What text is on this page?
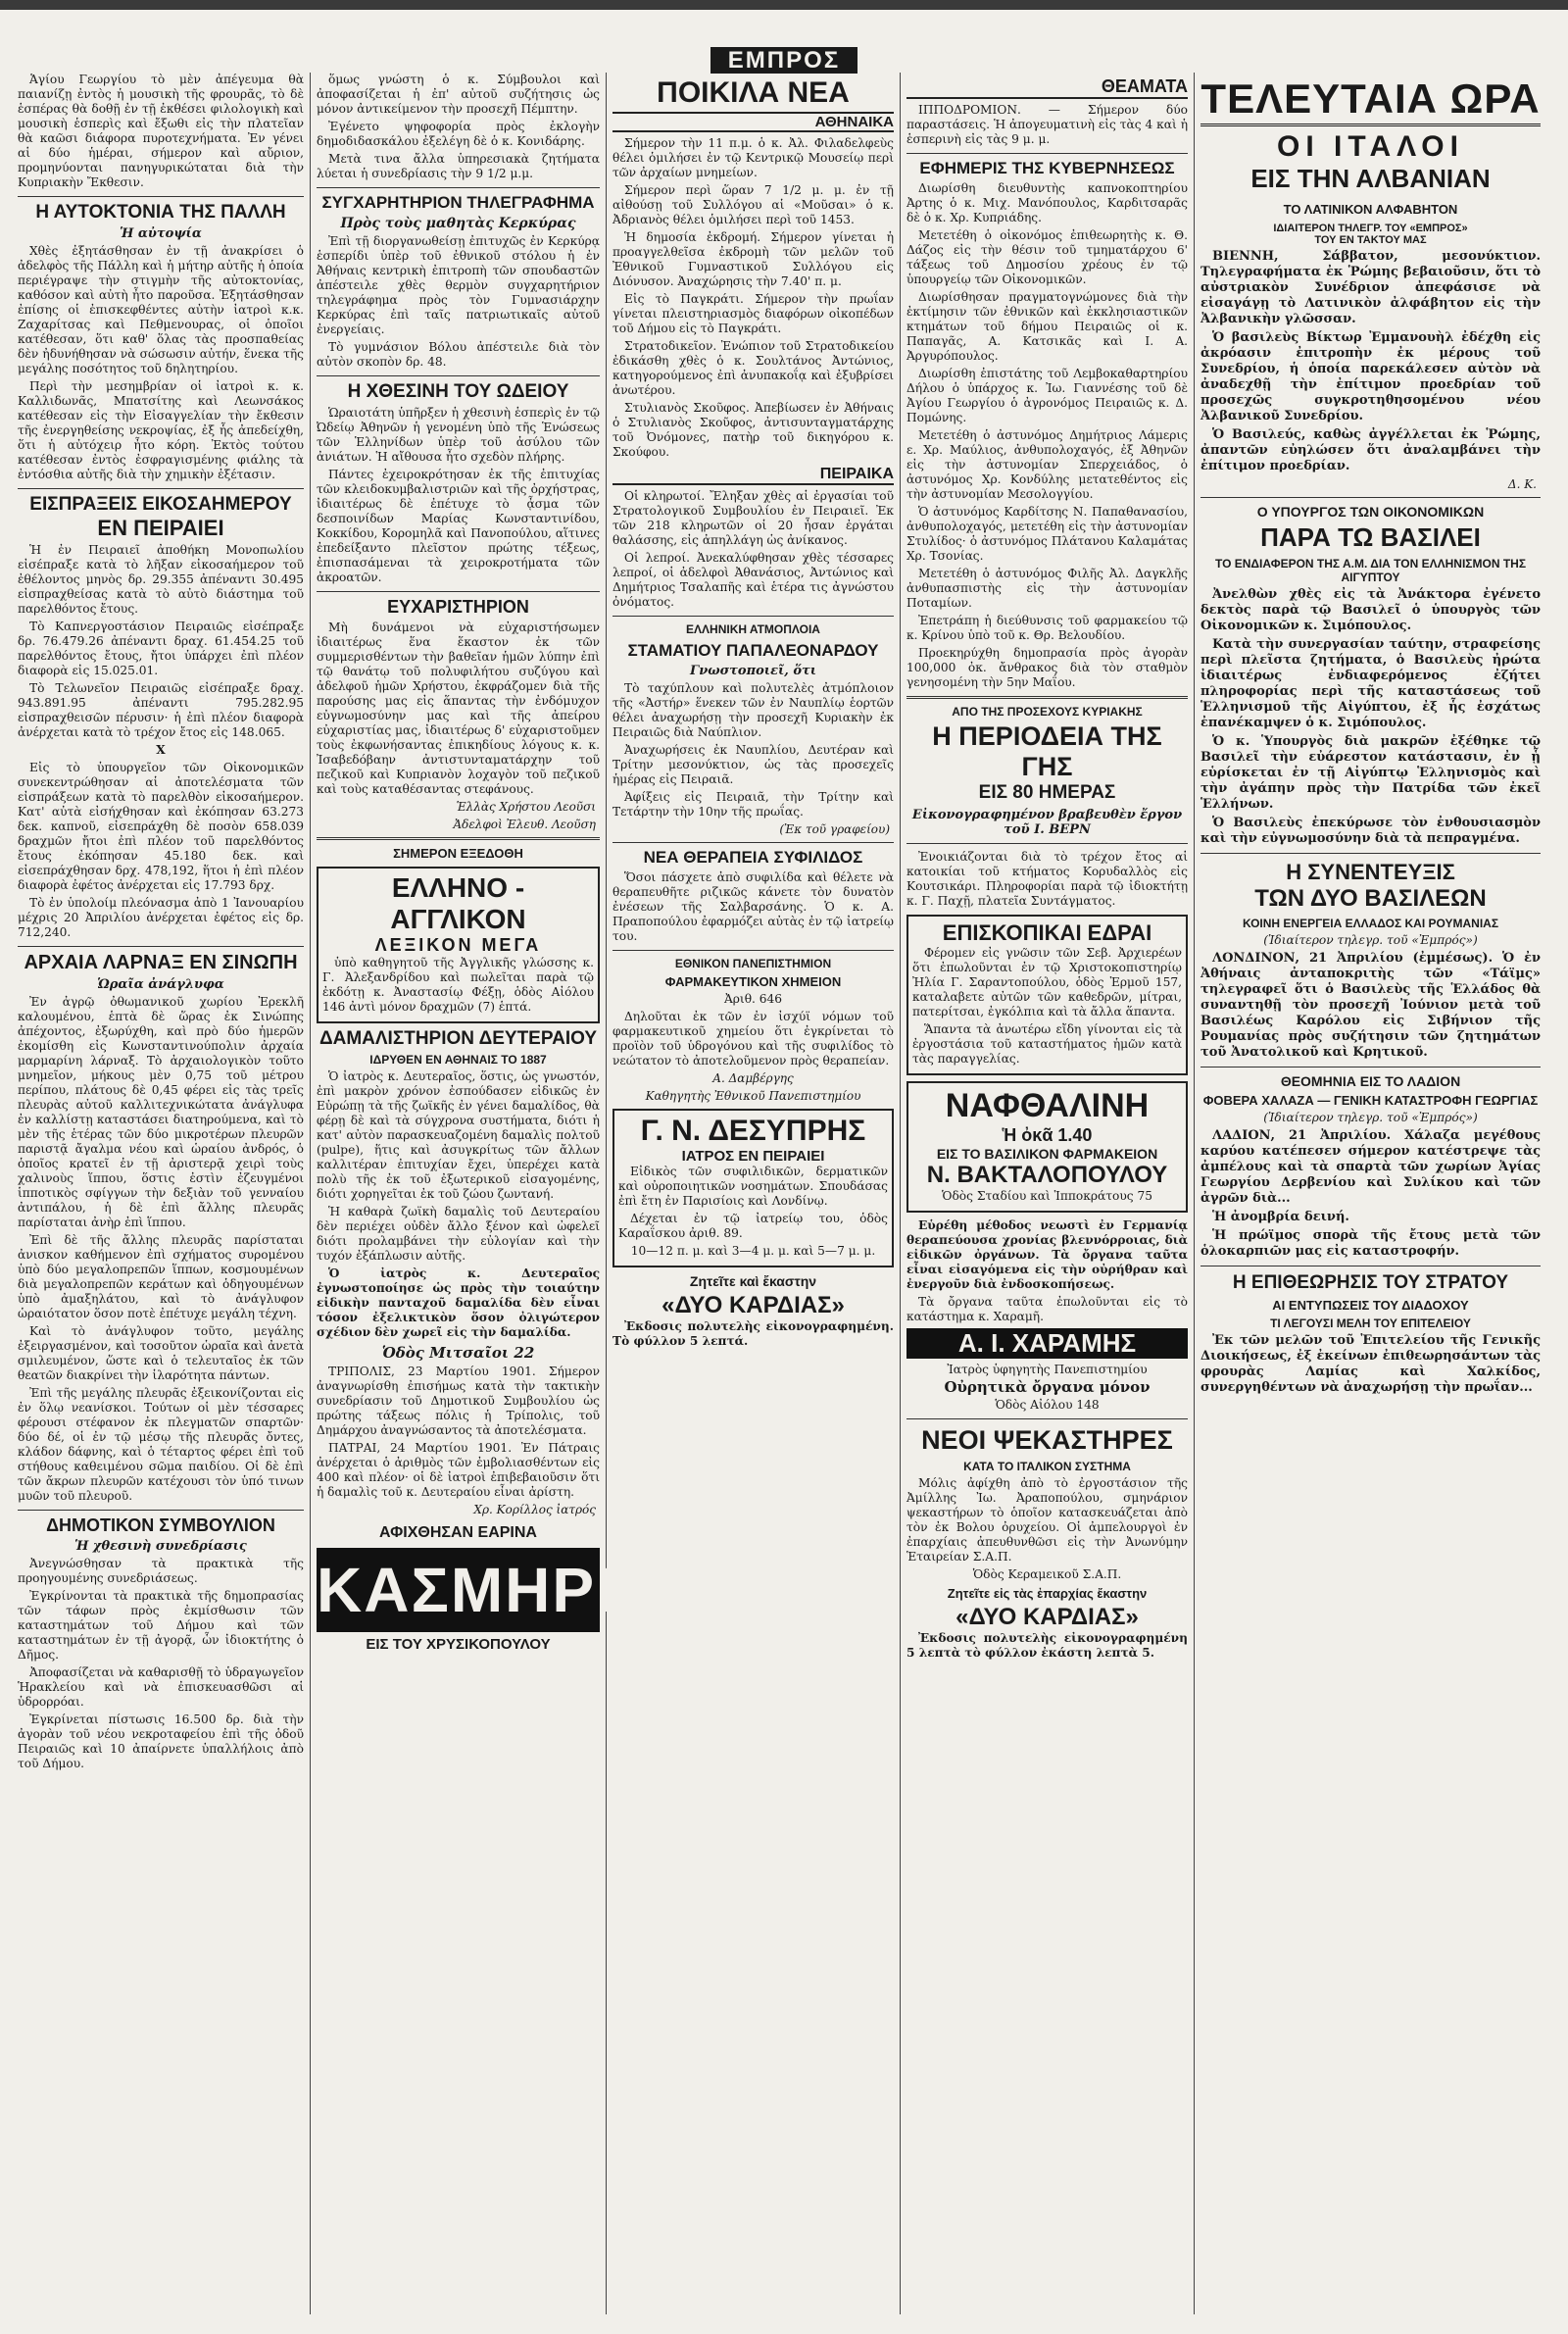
ΕΜΠΡΟΣ

Ἁγίου Γεωργίου τὸ μὲν ἀπέγευμα θὰ παιανίζῃ ἐντὸς ἡ μουσικὴ τῆς φρουρᾶς, τὸ δὲ ἑσπέρας θὰ δοθῇ ἐν τῇ ἐκθέσει φιλολογικὴ καὶ μουσικὴ ἑσπερὶς καὶ ἔξωθι εἰς τὴν πλατεῖαν θὰ καῶσι διάφορα πυροτεχνήματα. Ἐν γένει αἱ δύο ἡμέραι, σήμερον καὶ αὔριον, προμηνύονται πανηγυρικώταται διὰ τὴν Κυπριακὴν Ἔκθεσιν.

Η ΑΥΤΟΚΤΟΝΙΑ ΤΗΣ ΠΑΛΛΗ
Ἡ αὐτοψία

Χθὲς ἐξητάσθησαν ἐν τῇ ἀνακρίσει ὁ ἀδελφὸς τῆς Πάλλη καὶ ἡ μήτηρ αὐτῆς ἡ ὁποία περιέγραψε τὴν στιγμὴν τῆς αὐτοκτονίας, καθόσον καὶ αὐτὴ ἦτο παροῦσα. Ἐξητάσθησαν ἐπίσης οἱ ἐπισκεφθέντες αὐτὴν ἰατροὶ κ.κ. Ζαχαρίτσας καὶ Πεθμενουρας, οἱ ὁποῖοι κατέθεσαν, ὅτι καθ' ὅλας τὰς προσπαθείας δὲν ἠδυνήθησαν νὰ σώσωσιν αὐτήν, ἕνεκα τῆς μεγάλης ποσότητος τοῦ δηλητηρίου.

Περὶ τὴν μεσημβρίαν οἱ ἰατροὶ κ. κ. Καλλιδωνᾶς, Μπατσίτης καὶ Λεωνσάκος κατέθεσαν εἰς τὴν Εἰσαγγελίαν τὴν ἔκθεσιν τῆς ἐνεργηθείσης νεκροψίας, ἐξ ἧς ἀπεδείχθη, ὅτι ἡ αὐτόχειρ ἦτο κόρη. Ἐκτὸς τούτου κατέθεσαν ἐντὸς ἐσφραγισμένης φιάλης τὰ ἐντόσθια αὐτῆς διὰ τὴν χημικὴν ἐξέτασιν.

ΕΙΣΠΡΑΞΕΙΣ ΕΙΚΟΣΑΗΜΕΡΟΥ
ΕΝ ΠΕΙΡΑΙΕΙ

Ἡ ἐν Πειραιεῖ ἀποθήκη Μονοπωλίου εἰσέπραξε κατὰ τὸ λῆξαν εἰκοσαήμερον τοῦ ἐθέλοντος μηνὸς δρ. 29.355 ἀπέναντι 30.495 εἰσπραχθείσας κατὰ τὸ αὐτὸ διάστημα τοῦ παρελθόντος ἔτους.

Τὸ Καπνεργοστάσιον Πειραιῶς εἰσέπραξε δρ. 76.479.26 ἀπέναντι δραχ. 61.454.25 τοῦ παρελθόντος ἔτους, ἤτοι ὑπάρχει ἐπὶ πλέον διαφορὰ εἰς 15.025.01.

Τὸ Τελωνεῖον Πειραιῶς εἰσέπραξε δραχ. 943.891.95 ἀπέναντι 795.282.95 εἰσπραχθεισῶν πέρυσιν· ἡ ἐπὶ πλέον διαφορὰ ἀνέρχεται κατὰ τὸ τρέχον ἔτος εἰς 148.065.

Χ

Εἰς τὸ ὑπουργεῖον τῶν Οἰκονομικῶν συνεκεντρώθησαν αἱ ἀποτελέσματα τῶν εἰσπράξεων κατὰ τὸ παρελθὸν εἰκοσαήμερον. Κατ' αὐτὰ εἰσήχθησαν καὶ ἐκόπησαν 63.273 δεκ. καπνοῦ, εἰσεπράχθη δὲ ποσὸν 658.039 δραχμῶν ἤτοι ἐπὶ πλέον τοῦ παρελθόντος ἔτους ἐκόπησαν 45.180 δεκ. καὶ εἰσεπράχθησαν δρχ. 478,192, ἥτοι ἡ ἐπὶ πλέον διαφορὰ ἐφέτος ἀνέρχεται εἰς 17.793 δρχ.

Τὸ ἐν ὑπολοίμ πλεόνασμα ἀπὸ 1 Ἰανουαρίου μέχρις 20 Ἀπριλίου ἀνέρχεται ἐφέτος εἰς δρ. 712,240.

ΑΡΧΑΙΑ ΛΑΡΝΑΞ ΕΝ ΣΙΝΩΠΗ
Ὡραῖα ἀνάγλυφα

Ἐν ἀγρῷ ὀθωμανικοῦ χωρίου Ἐρεκλῆ καλουμένου, ἑπτὰ δὲ ὥρας ἐκ Σινώπης ἀπέχοντος, ἐξωρύχθη, καὶ πρὸ δύο ἡμερῶν ἐκομίσθη εἰς Κωνσταντινούπολιν ἀρχαία μαρμαρίνη λάρναξ. Τὸ ἀρχαιολογικὸν τοῦτο μνημεῖον, μήκους μὲν 0,75 τοῦ μέτρου περίπου, πλάτους δὲ 0,45 φέρει εἰς τὰς τρεῖς πλευρὰς αὐτοῦ καλλιτεχνικώτατα ἀνάγλυφα ἐν καλλίστῃ καταστάσει διατηρούμενα, καὶ τὸ μὲν τῆς ἑτέρας τῶν δύο μικροτέρων πλευρῶν παριστᾷ ἄγαλμα νέου καὶ ὡραίου ἀνδρός, ὁ ὁποῖος κρατεῖ ἐν τῇ ἀριστερᾷ χειρὶ τοὺς χαλινοὺς ἵππου, ὅστις ἐστὶν ἐζευγμένοι ἱπποτικὸς σφίγγων τὴν δεξιὰν τοῦ γενναίου ἀντιπάλου, ἡ δὲ ἐπὶ ἄλλης πλευρᾶς παρίσταται ἀνὴρ ἐπὶ ἵππου.

Ἐπὶ δὲ τῆς ἄλλης πλευρᾶς παρίσταται ἀνισκον καθήμενον ἐπὶ σχήματος συρομένου ὑπὸ δύο μεγαλοπρεπῶν ἵππων, κοσμουμένων διὰ μεγαλοπρεπῶν κεράτων καὶ ὁδηγουμένων ὑπὸ ἀμαξηλάτου, καὶ τὸ ἀνάγλυφον ὡραιότατον ὅσον ποτὲ ἐπέτυχε μεγάλη τέχνη.

Καὶ τὸ ἀνάγλυφον τοῦτο, μεγάλης ἐξειργασμένον, καὶ τοσοῦτον ὡραῖα καὶ ἀνετὰ σμιλευμένον, ὥστε καὶ ὁ τελευταῖος ἐκ τῶν θεατῶν διακρίνει τὴν ἱλαρότητα πάντων.

Ἐπὶ τῆς μεγάλης πλευρᾶς ἐξεικονίζονται εἰς ἐν ὅλῳ νεανίσκοι. Τούτων οἱ μὲν τέσσαρες φέρουσι στέφανον ἐκ πλεγματῶν σπαρτῶν· δύο δέ, οἱ ἐν τῷ μέσῳ τῆς πλευρᾶς ὄντες, κλάδον δάφνης, καὶ ὁ τέταρτος φέρει ἐπὶ τοῦ στήθους καθειμένου σῶμα παιδίου. Οἱ δὲ ἐπὶ τῶν ἄκρων πλευρῶν κατέχουσι τὸν ὑπό τινων μυῶν τοῦ πλευροῦ.

ΔΗΜΟΤΙΚΟΝ ΣΥΜΒΟΥΛΙΟΝ
Ἡ χθεσινὴ συνεδρίασις

Ἀνεγνώσθησαν τὰ πρακτικὰ τῆς προηγουμένης συνεδριάσεως.

Ἐγκρίνονται τὰ πρακτικὰ τῆς δημοπρασίας τῶν τάφων πρὸς ἐκμίσθωσιν τῶν καταστημάτων τοῦ Δήμου καὶ τῶν καταστημάτων ἐν τῇ ἀγορᾷ, ὧν ἰδιοκτήτης ὁ Δῆμος.

Ἀποφασίζεται νὰ καθαρισθῇ τὸ ὑδραγωγεῖον Ἡρακλείου καὶ νὰ ἐπισκευασθῶσι αἱ ὑδρορρόαι.

Ἐγκρίνεται πίστωσις 16.500 δρ. διὰ τὴν ἀγορὰν τοῦ νέου νεκροταφείου ἐπὶ τῆς ὁδοῦ Πειραιῶς καὶ 10 ἀπαίρνετε ὑπαλλήλοις ἀπὸ τοῦ Δήμου.

ὅμως γνώστη ὁ κ. Σύμβουλοι καὶ ἀποφασίζεται ἡ ἐπ' αὐτοῦ συζήτησις ὡς μόνον ἀντικείμενον τὴν προσεχῆ Πέμπτην.

Ἐγένετο ψηφοφορία πρὸς ἐκλογὴν δημοδιδασκάλου ἐξελέγη δὲ ὁ κ. Κονιδάρης.

Μετὰ τινα ἄλλα ὑπηρεσιακὰ ζητήματα λύεται ἡ συνεδρίασις τὴν 9 1/2 μ.μ.

ΣΥΓΧΑΡΗΤΗΡΙΟΝ ΤΗΛΕΓΡΑΦΗΜΑ
Πρὸς τοὺς μαθητὰς Κερκύρας

Ἐπὶ τῇ διοργανωθείσῃ ἐπιτυχῶς ἐν Κερκύρᾳ ἑσπερίδι ὑπὲρ τοῦ ἐθνικοῦ στόλου ἡ ἐν Ἀθήναις κεντρικὴ ἐπιτροπὴ τῶν σπουδαστῶν ἀπέστειλε χθὲς θερμὸν συγχαρητήριον τηλεγράφημα πρὸς τὸν Γυμνασιάρχην Κερκύρας ἐπὶ ταῖς πατριωτικαῖς αὐτοῦ ἐνεργείαις.

Τὸ γυμνάσιον Βόλου ἀπέστειλε διὰ τὸν αὐτὸν σκοπὸν δρ. 48.

Η ΧΘΕΣΙΝΗ ΤΟΥ ΩΔΕΙΟΥ

Ὡραιοτάτη ὑπῆρξεν ἡ χθεσινὴ ἑσπερὶς ἐν τῷ Ὠδείῳ Ἀθηνῶν ἡ γενομένη ὑπὸ τῆς Ἑνώσεως τῶν Ἑλληνίδων ὑπὲρ τοῦ ἀσύλου τῶν ἀνιάτων. Ἡ αἴθουσα ἦτο σχεδὸν πλήρης.

Πάντες ἐχειροκρότησαν ἐκ τῆς ἐπιτυχίας τῶν κλειδοκυμβαλιστριῶν καὶ τῆς ὀρχήστρας, ἰδιαιτέρως δὲ ἐπέτυχε τὸ ᾆσμα τῶν δεσποινίδων Μαρίας Κωνσταντινίδου, Κοκκίδου, Κορομηλᾶ καὶ Πανοπούλου, αἵτινες ἐπεδείξαντο πλεῖστον πρώτης τέξεως, ἐπισπασάμεναι τὰ χειροκροτήματα τῶν ἀκροατῶν.

ΕΥΧΑΡΙΣΤΗΡΙΟΝ

Μὴ δυνάμενοι νὰ εὐχαριστήσωμεν ἰδιαιτέρως ἕνα ἕκαστον ἐκ τῶν συμμερισθέντων τὴν βαθεῖαν ἡμῶν λύπην ἐπὶ τῷ θανάτῳ τοῦ πολυφιλήτου συζύγου καὶ ἀδελφοῦ ἡμῶν Χρήστου, ἐκφράζομεν διὰ τῆς παρούσης μας εἰς ἅπαντας τὴν ἐνδόμυχον εὐγνωμοσύνην μας καὶ τῆς ἀπείρου εὐχαριστίας μας, ἰδιαιτέρως δ' εὐχαριστοῦμεν τοὺς ἐκφωνήσαντας ἐπικηδίους λόγους κ. κ. Ἰσαβεδόβαην ἀντιστυνταματάρχην τοῦ πεζικοῦ καὶ Κυπριανὸν λοχαγὸν τοῦ πεζικοῦ καὶ τοὺς καταθέσαντας στεφάνους.

Ἑλλὰς Χρήστου Λεοῦσι
Ἀδελφοὶ Ἐλευθ. Λεοῦση
ΣΗΜΕΡΟΝ ΕΞΕΔΟΘΗ
ΕΛΛΗΝΟ - ΑΓΓΛΙΚΟΝ
ΛΕΞΙΚΟΝ ΜΕΓΑ

ὑπὸ καθηγητοῦ τῆς Ἀγγλικῆς γλώσσης κ. Γ. Ἀλεξανδρίδου καὶ πωλεῖται παρὰ τῷ ἐκδότῃ κ. Ἀναστασίῳ Φέξῃ, ὁδὸς Αἰόλου 146 ἀντὶ μόνον δραχμῶν (7) ἑπτά.

ΔΑΜΑΛΙΣΤΗΡΙΟΝ ΔΕΥΤΕΡΑΙΟΥ
ΙΔΡΥΘΕΝ ΕΝ ΑΘΗΝΑΙΣ ΤΟ 1887

Ὁ ἰατρὸς κ. Δευτεραῖος, ὅστις, ὡς γνωστόν, ἐπὶ μακρὸν χρόνον ἐσπούδασεν εἰδικῶς ἐν Εὐρώπῃ τὰ τῆς ζωϊκῆς ἐν γένει δαμαλίδος, θὰ φέρῃ δὲ καὶ τὰ σύγχρονα συστήματα, διότι ἡ κατ' αὐτὸν παρασκευαζομένη δαμαλὶς πολτοῦ (pulpe), ἥτις καὶ ἀσυγκρίτως τῶν ἄλλων καλλιτέραν ἐπιτυχίαν ἔχει, ὑπερέχει κατὰ πολὺ τῆς ἐκ τοῦ ἐξωτερικοῦ εἰσαγομένης, διότι χορηγεῖται ἐκ τοῦ ζώου ζωντανή.

Ἡ καθαρὰ ζωϊκὴ δαμαλὶς τοῦ Δευτεραίου δὲν περιέχει οὐδὲν ἄλλο ξένον καὶ ὠφελεῖ διότι προλαμβάνει τὴν εὐλογίαν καὶ τὴν τυχόν ἐξάπλωσιν αὐτῆς.

Ὁ ἰατρὸς κ. Δευτεραῖος ἐγνωστοποίησε ὡς πρὸς τὴν τοιαύτην εἰδικὴν πανταχοῦ δαμαλίδα δὲν εἶναι τόσον ἐξελικτικὸν ὅσον ὀλιγώτερον σχέδιον δὲν χωρεῖ εἰς τὴν δαμαλίδα.

Ὁδὸς Μιτσαῖοι 22

ΤΡΙΠΟΛΙΣ, 23 Μαρτίου 1901. Σήμερον ἀναγνωρίσθη ἐπισήμως κατὰ τὴν τακτικὴν συνεδρίασιν τοῦ Δημοτικοῦ Συμβουλίου ὡς πρώτης τάξεως πόλις ἡ Τρίπολις, τοῦ Δημάρχου ἀναγνώσαντος τὰ ἀποτελέσματα.

ΠΑΤΡΑΙ, 24 Μαρτίου 1901. Ἐν Πάτραις ἀνέρχεται ὁ ἀριθμὸς τῶν ἐμβολιασθέντων εἰς 400 καὶ πλέον· οἱ δὲ ἰατροὶ ἐπιβεβαιοῦσιν ὅτι ἡ δαμαλὶς τοῦ κ. Δευτεραίου εἶναι ἀρίστη.

Χρ. Κορίλλος ἰατρός
ΑΦΙΧΘΗΣΑΝ ΕΑΡΙΝΑ
ΚΑΣΜΗΡΙΑ
ΕΙΣ ΤΟΥ ΧΡΥΣΙΚΟΠΟΥΛΟΥ
ΠΟΙΚΙΛΑ ΝΕΑ
ΑΘΗΝΑΙΚΑ

Σήμερον τὴν 11 π.μ. ὁ κ. Ἀλ. Φιλαδελφεὺς θέλει ὁμιλήσει ἐν τῷ Κεντρικῷ Μουσείῳ περὶ τῶν ἀρχαίων μνημείων.

Σήμερον περὶ ὥραν 7 1/2 μ. μ. ἐν τῇ αἰθούσῃ τοῦ Συλλόγου αἱ «Μοῦσαι» ὁ κ. Ἀδριανὸς θέλει ὁμιλήσει περὶ τοῦ 1453.

Ἡ δημοσία ἐκδρομή. Σήμερον γίνεται ἡ προαγγελθεῖσα ἐκδρομὴ τῶν μελῶν τοῦ Ἐθνικοῦ Γυμναστικοῦ Συλλόγου εἰς Διόνυσον. Ἀναχώρησις τὴν 7.40' π. μ.

Εἰς τὸ Παγκράτι. Σήμερον τὴν πρωΐαν γίνεται πλειστηριασμὸς διαφόρων οἰκοπέδων τοῦ Δήμου εἰς τὸ Παγκράτι.

Στρατοδικεῖον. Ἐνώπιον τοῦ Στρατοδικείου ἐδικάσθη χθὲς ὁ κ. Σουλτάνος Ἀντώνιος, κατηγορούμενος ἐπὶ ἀνυπακοΐᾳ καὶ ἐξυβρίσει ἀνωτέρου.

Στυλιανὸς Σκοῦφος. Ἀπεβίωσεν ἐν Ἀθήναις ὁ Στυλιανὸς Σκοῦφος, ἀντισυνταγματάρχης τοῦ Ὀνόμονες, πατὴρ τοῦ δικηγόρου κ. Σκούφου.

ΠΕΙΡΑΙΚΑ

Οἱ κληρωτοί. Ἔληξαν χθὲς αἱ ἐργασίαι τοῦ Στρατολογικοῦ Συμβουλίου ἐν Πειραιεῖ. Ἐκ τῶν 218 κληρωτῶν οἱ 20 ἦσαν ἐργάται θαλάσσης, εἰς ἀπηλλάγη ὡς ἀνίκανος.

Οἱ λεπροί. Ἀνεκαλύφθησαν χθὲς τέσσαρες λεπροί, οἱ ἀδελφοὶ Ἀθανάσιος, Ἀντώνιος καὶ Δημήτριος Τσαλαπῆς καὶ ἑτέρα τις ἀγνώστου ὀνόματος.

ΕΛΛΗΝΙΚΗ ΑΤΜΟΠΛΟΙΑ
ΣΤΑΜΑΤΙΟΥ ΠΑΠΑΛΕΟΝΑΡΔΟΥ
Γνωστοποιεῖ, ὅτι

Τὸ ταχύπλουν καὶ πολυτελὲς ἀτμόπλοιον τῆς «Ἀστήρ» ἕνεκεν τῶν ἐν Ναυπλίῳ ἑορτῶν θέλει ἀναχωρήσῃ τὴν προσεχῆ Κυριακὴν ἐκ Πειραιῶς διὰ Ναύπλιον.

Ἀναχωρήσεις ἐκ Ναυπλίου, Δευτέραν καὶ Τρίτην μεσονύκτιον, ὡς τὰς προσεχεῖς ἡμέρας εἰς Πειραιᾶ.

Ἀφίξεις εἰς Πειραιᾶ, τὴν Τρίτην καὶ Τετάρτην τὴν 10ην τῆς πρωΐας.

(Ἐκ τοῦ γραφείου)
ΝΕΑ ΘΕΡΑΠΕΙΑ ΣΥΦΙΛΙΔΟΣ

Ὅσοι πάσχετε ἀπὸ συφιλίδα καὶ θέλετε νὰ θεραπευθῆτε ριζικῶς κάνετε τὸν δυνατὸν ἐνέσεων τῆς Σαλβαρσάνης. Ὁ κ. Α. Πραποπούλου ἐφαρμόζει αὐτὰς ἐν τῷ ἰατρείῳ του.

ΕΘΝΙΚΟΝ ΠΑΝΕΠΙΣΤΗΜΙΟΝ
ΦΑΡΜΑΚΕΥΤΙΚΟΝ ΧΗΜΕΙΟΝ

Ἀριθ. 646

Δηλοῦται ἐκ τῶν ἐν ἰσχύϊ νόμων τοῦ φαρμακευτικοῦ χημείου ὅτι ἐγκρίνεται τὸ προϊὸν τοῦ ὑδρογόνου καὶ τῆς συφιλίδος τὸ νεώτατον τὸ ἀποτελοῦμενον πρὸς θεραπείαν.

Α. Δαμβέργης
Καθηγητὴς Ἐθνικοῦ Πανεπιστημίου
Γ. Ν. ΔΕΣΥΠΡΗΣ
ΙΑΤΡΟΣ ΕΝ ΠΕΙΡΑΙΕΙ

Εἰδικὸς τῶν συφιλιδικῶν, δερματικῶν καὶ οὐροποιητικῶν νοσημάτων. Σπουδάσας ἐπὶ ἔτη ἐν Παρισίοις καὶ Λονδίνῳ.

Δέχεται ἐν τῷ ἰατρείῳ του, ὁδὸς Καραΐσκου ἀριθ. 89.

10—12 π. μ. καὶ 3—4 μ. μ. καὶ 5—7 μ. μ.

Ζητεῖτε καὶ ἔκαστην
«ΔΥΟ ΚΑΡΔΙΑΣ»

Ἐκδοσις πολυτελὴς εἰκονογραφημένη. Τὸ φύλλον 5 λεπτά.

ΘΕΑΜΑΤΑ

ΙΠΠΟΔΡΟΜΙΟΝ. — Σήμερον δύο παραστάσεις. Ἡ ἀπογευματινὴ εἰς τὰς 4 καὶ ἡ ἑσπερινὴ εἰς τὰς 9 μ. μ.

ΕΦΗΜΕΡΙΣ ΤΗΣ ΚΥΒΕΡΝΗΣΕΩΣ

Διωρίσθη διευθυντὴς καπνοκοπτηρίου Ἀρτης ὁ κ. Μιχ. Μανόπουλος, Καρδιτσαρᾶς δὲ ὁ κ. Χρ. Κυπριάδης.

Μετετέθη ὁ οἰκονόμος ἐπιθεωρητὴς κ. Θ. Δάζος εἰς τὴν θέσιν τοῦ τμηματάρχου 6' τάξεως τοῦ Δημοσίου χρέους ἐν τῷ ὑπουργείῳ τῶν Οἰκονομικῶν.

Διωρίσθησαν πραγματογνώμονες διὰ τὴν ἐκτίμησιν τῶν ἐθνικῶν καὶ ἐκκλησιαστικῶν κτημάτων τοῦ δήμου Πειραιῶς οἱ κ. Παπαγᾶς, Α. Κατσικᾶς καὶ Ι. Α. Ἀργυρόπουλος.

Διωρίσθη ἐπιστάτης τοῦ Λεμβοκαθαρτηρίου Δήλου ὁ ὑπάρχος κ. Ἰω. Γιαννέσης τοῦ δὲ Ἀγίου Γεωργίου ὁ ἀγρονόμος Πειραιῶς κ. Δ. Πομώνης.

Μετετέθη ὁ ἀστυνόμος Δημήτριος Λάμερις ε. Χρ. Μαύλιος, ἀνθυπολοχαγός, ἐξ Ἀθηνῶν εἰς τὴν ἀστυνομίαν Σπερχειάδος, ὁ ἀστυνόμος Χρ. Κονδύλης μετατεθέντος εἰς τὴν ἀστυνομίαν Μεσολογγίου.

Ὁ ἀστυνόμος Καρδίτσης Ν. Παπαθανασίου, ἀνθυπολοχαγός, μετετέθη εἰς τὴν ἀστυνομίαν Στυλίδος· ὁ ἀστυνόμος Πλάτανου Καλαμάτας Χρ. Τσονίας.

Μετετέθη ὁ ἀστυνόμος Φιλῆς Ἀλ. Δαγκλῆς ἀνθυπασπιστὴς εἰς τὴν ἀστυνομίαν Ποταμίων.

Ἐπετράπη ἡ διεύθυνσις τοῦ φαρμακείου τῷ κ. Κρίνου ὑπὸ τοῦ κ. Θρ. Βελουδίου.

Προεκηρύχθη δημοπρασία πρὸς ἀγορὰν 100,000 ὀκ. ἄνθρακος διὰ τὸν σταθμὸν γενησομένη τὴν 5ην Μαΐου.

ΑΠΟ ΤΗΣ ΠΡΟΣΕΧΟΥΣ ΚΥΡΙΑΚΗΣ
Η ΠΕΡΙΟΔΕΙΑ ΤΗΣ ΓΗΣ
ΕΙΣ 80 ΗΜΕΡΑΣ
Εἰκονογραφημένον βραβευθὲν ἔργον τοῦ Ι. ΒΕΡΝ

Ἐνοικιάζονται διὰ τὸ τρέχον ἔτος αἱ κατοικίαι τοῦ κτήματος Κορυδαλλὸς εἰς Κουτσικάρι. Πληροφορίαι παρὰ τῷ ἰδιοκτήτῃ κ. Γ. Παχῇ, πλατεῖα Συντάγματος.

ΕΠΙΣΚΟΠΙΚΑΙ ΕΔΡΑΙ

Φέρομεν εἰς γνῶσιν τῶν Σεβ. Ἀρχιερέων ὅτι ἐπωλοῦνται ἐν τῷ Χριστοκοπιστηρίῳ Ἠλία Γ. Σαραντοπούλου, ὁδὸς Ἑρμοῦ 157, καταλαβετε αὐτῶν τῶν καθεδρῶν, μίτραι, πατερίτσαι, ἐγκόλπια καὶ τὰ ἄλλα ἅπαντα.

Ἅπαντα τὰ ἀνωτέρω εἴδη γίνονται εἰς τὰ ἐργοστάσια τοῦ καταστήματος ἡμῶν κατὰ τὰς παραγγελίας.

ΝΑΦΘΑΛΙΝΗ
Ἡ ὀκᾶ 1.40
ΕΙΣ ΤΟ ΒΑΣΙΛΙΚΟΝ ΦΑΡΜΑΚΕΙΟΝ
Ν. ΒΑΚΤΑΛΟΠΟΥΛΟΥ

Ὁδὸς Σταδίου καὶ Ἱπποκράτους 75

Εὑρέθη μέθοδος νεωστὶ ἐν Γερμανίᾳ θεραπεύουσα χρονίας βλεννόρροιας, διὰ εἰδικῶν ὀργάνων. Τὰ ὄργανα ταῦτα εἶναι εἰσαγόμενα εἰς τὴν οὐρήθραν καὶ ἐνεργοῦν διὰ ἐνδοσκοπήσεως.

Τὰ ὄργανα ταῦτα ἐπωλοῦνται εἰς τὸ κατάστημα κ. Χαραμῆ.

Α. Ι. ΧΑΡΑΜΗΣ

Ἰατρὸς ὑφηγητὴς Πανεπιστημίου

Οὐρητικὰ ὄργανα μόνον

Ὁδὸς Αἰόλου 148

ΝΕΟΙ ΨΕΚΑΣΤΗΡΕΣ
ΚΑΤΑ ΤΟ ΙΤΑΛΙΚΟΝ ΣΥΣΤΗΜΑ

Μόλις ἀφίχθη ἀπὸ τὸ ἐργοστάσιον τῆς Ἀμίλλης Ἰω. Ἀραποπούλου, σμηνάριον ψεκαστήρων τὸ ὁποῖον κατασκευάζεται ἀπὸ τὸν ἐκ Βολου ὀρυχείου. Οἱ ἀμπελουργοὶ ἐν ἐπαρχίαις ἀπευθυνθῶσι εἰς τὴν Ἀνωνύμην Ἑταιρείαν Σ.Α.Π.

Ὁδὸς Κεραμεικοῦ Σ.Α.Π.

Ζητεῖτε εἰς τὰς ἐπαρχίας ἔκαστην
«ΔΥΟ ΚΑΡΔΙΑΣ»

Ἐκδοσις πολυτελὴς εἰκονογραφημένη 5 λεπτὰ τὸ φύλλον ἐκάστη λεπτὰ 5.

ΤΕΛΕΥΤΑΙΑ ΩΡΑ
ΟΙ ΙΤΑΛΟΙ
ΕΙΣ ΤΗΝ ΑΛΒΑΝΙΑΝ
ΤΟ ΛΑΤΙΝΙΚΟΝ ΑΛΦΑΒΗΤΟΝ
ΙΔΙΑΙΤΕΡΟΝ ΤΗΛΕΓΡ. ΤΟΥ «ΕΜΠΡΟΣ»
ΤΟΥ ΕΝ ΤΑΚΤΟΥ ΜΑΣ

ΒΙΕΝΝΗ, Σάββατον, μεσονύκτιον. Τηλεγραφήματα ἐκ Ῥώμης βεβαιοῦσιν, ὅτι τὸ αὐστριακὸν Συνέδριον ἀπεφάσισε νὰ εἰσαγάγῃ τὸ Λατινικὸν ἀλφάβητον εἰς τὴν Ἀλβανικὴν γλῶσσαν.

Ὁ βασιλεὺς Βίκτωρ Ἐμμανουὴλ ἐδέχθη εἰς ἀκρόασιν ἐπιτροπὴν ἐκ μέρους τοῦ Συνεδρίου, ἡ ὁποία παρεκάλεσεν αὐτὸν νὰ ἀναδεχθῇ τὴν ἐπίτιμον προεδρίαν τοῦ προσεχῶς συγκροτηθησομένου νέου Ἀλβανικοῦ Συνεδρίου.

Ὁ Βασιλεύς, καθὼς ἀγγέλλεται ἐκ Ῥώμης, ἀπαντῶν εὐηλώσεν ὅτι ἀναλαμβάνει τὴν ἐπίτιμον προεδρίαν.

Δ. Κ.
Ο ΥΠΟΥΡΓΟΣ ΤΩΝ ΟΙΚΟΝΟΜΙΚΩΝ
ΠΑΡΑ ΤΩ ΒΑΣΙΛΕΙ
ΤΟ ΕΝΔΙΑΦΕΡΟΝ ΤΗΣ Α.Μ. ΔΙΑ ΤΟΝ ΕΛΛΗΝΙΣΜΟΝ ΤΗΣ ΑΙΓΥΠΤΟΥ

Ἀνελθὼν χθὲς εἰς τὰ Ἀνάκτορα ἐγένετο δεκτὸς παρὰ τῷ Βασιλεῖ ὁ ὑπουργὸς τῶν Οἰκονομικῶν κ. Σιμόπουλος.

Κατὰ τὴν συνεργασίαν ταύτην, στραφείσης περὶ πλεῖστα ζητήματα, ὁ Βασιλεὺς ἠρώτα ἰδιαιτέρως ἐνδιαφερόμενος ἐζήτει πληροφορίας περὶ τῆς καταστάσεως τοῦ Ἑλληνισμοῦ τῆς Αἰγύπτου, ἐξ ἧς ἐσχάτως ἐπανέκαμψεν ὁ κ. Σιμόπουλος.

Ὁ κ. Ὑπουργὸς διὰ μακρῶν ἐξέθηκε τῷ Βασιλεῖ τὴν εὐάρεστον κατάστασιν, ἐν ᾗ εὑρίσκεται ἐν τῇ Αἰγύπτῳ Ἑλληνισμὸς καὶ τὴν ἀγάπην πρὸς τὴν Πατρίδα τῶν ἐκεῖ Ἑλλήνων.

Ὁ Βασιλεὺς ἐπεκύρωσε τὸν ἐνθουσιασμὸν καὶ τὴν εὐγνωμοσύνην διὰ τὰ πεπραγμένα.

Η ΣΥΝΕΝΤΕΥΞΙΣ
ΤΩΝ ΔΥΟ ΒΑΣΙΛΕΩΝ
ΚΟΙΝΗ ΕΝΕΡΓΕΙΑ ΕΛΛΑΔΟΣ ΚΑΙ ΡΟΥΜΑΝΙΑΣ

(Ἰδιαίτερον τηλεγρ. τοῦ «Ἐμπρός»)

ΛΟΝΔΙΝΟΝ, 21 Ἀπριλίου (ἐμμέσως). Ὁ ἐν Ἀθήναις ἀνταποκριτὴς τῶν «Τάϊμς» τηλεγραφεῖ ὅτι ὁ Βασιλεὺς τῆς Ἑλλάδος θὰ συναντηθῇ τὸν προσεχῆ Ἰούνιον μετὰ τοῦ Βασιλέως Καρόλου εἰς Σιβήνιον τῆς Ρουμανίας πρὸς συζήτησιν τῶν ζητημάτων τοῦ Ἀνατολικοῦ καὶ Κρητικοῦ.

ΘΕΟΜΗΝΙΑ ΕΙΣ ΤΟ ΛΑΔΙΟΝ
ΦΟΒΕΡΑ ΧΑΛΑΖΑ — ΓΕΝΙΚΗ ΚΑΤΑΣΤΡΟΦΗ ΓΕΩΡΓΙΑΣ

(Ἰδιαίτερον τηλεγρ. τοῦ «Ἐμπρός»)

ΛΑΔΙΟΝ, 21 Ἀπριλίου. Χάλαζα μεγέθους καρύου κατέπεσεν σήμερον κατέστρεψε τὰς ἀμπέλους καὶ τὰ σπαρτὰ τῶν χωρίων Ἀγίας Γεωργίου Δερβενίου καὶ Συλίκου καὶ τῶν ἀγρῶν διὰ...

Ἡ ἀνομβρία δεινή.

Ἡ πρώϊμος σπορὰ τῆς ἔτους μετὰ τῶν ὁλοκαρπιῶν μας εἰς καταστροφήν.

Η ΕΠΙΘΕΩΡΗΣΙΣ ΤΟΥ ΣΤΡΑΤΟΥ
ΑΙ ΕΝΤΥΠΩΣΕΙΣ ΤΟΥ ΔΙΑΔΟΧΟΥ
ΤΙ ΛΕΓΟΥΣΙ ΜΕΛΗ ΤΟΥ ΕΠΙΤΕΛΕΙΟΥ

Ἐκ τῶν μελῶν τοῦ Ἐπιτελείου τῆς Γενικῆς Διοικήσεως, ἐξ ἐκείνων ἐπιθεωρησάντων τὰς φρουρὰς Λαμίας καὶ Χαλκίδος, συνεργηθέντων νὰ ἀναχωρήσῃ τὴν πρωΐαν...
